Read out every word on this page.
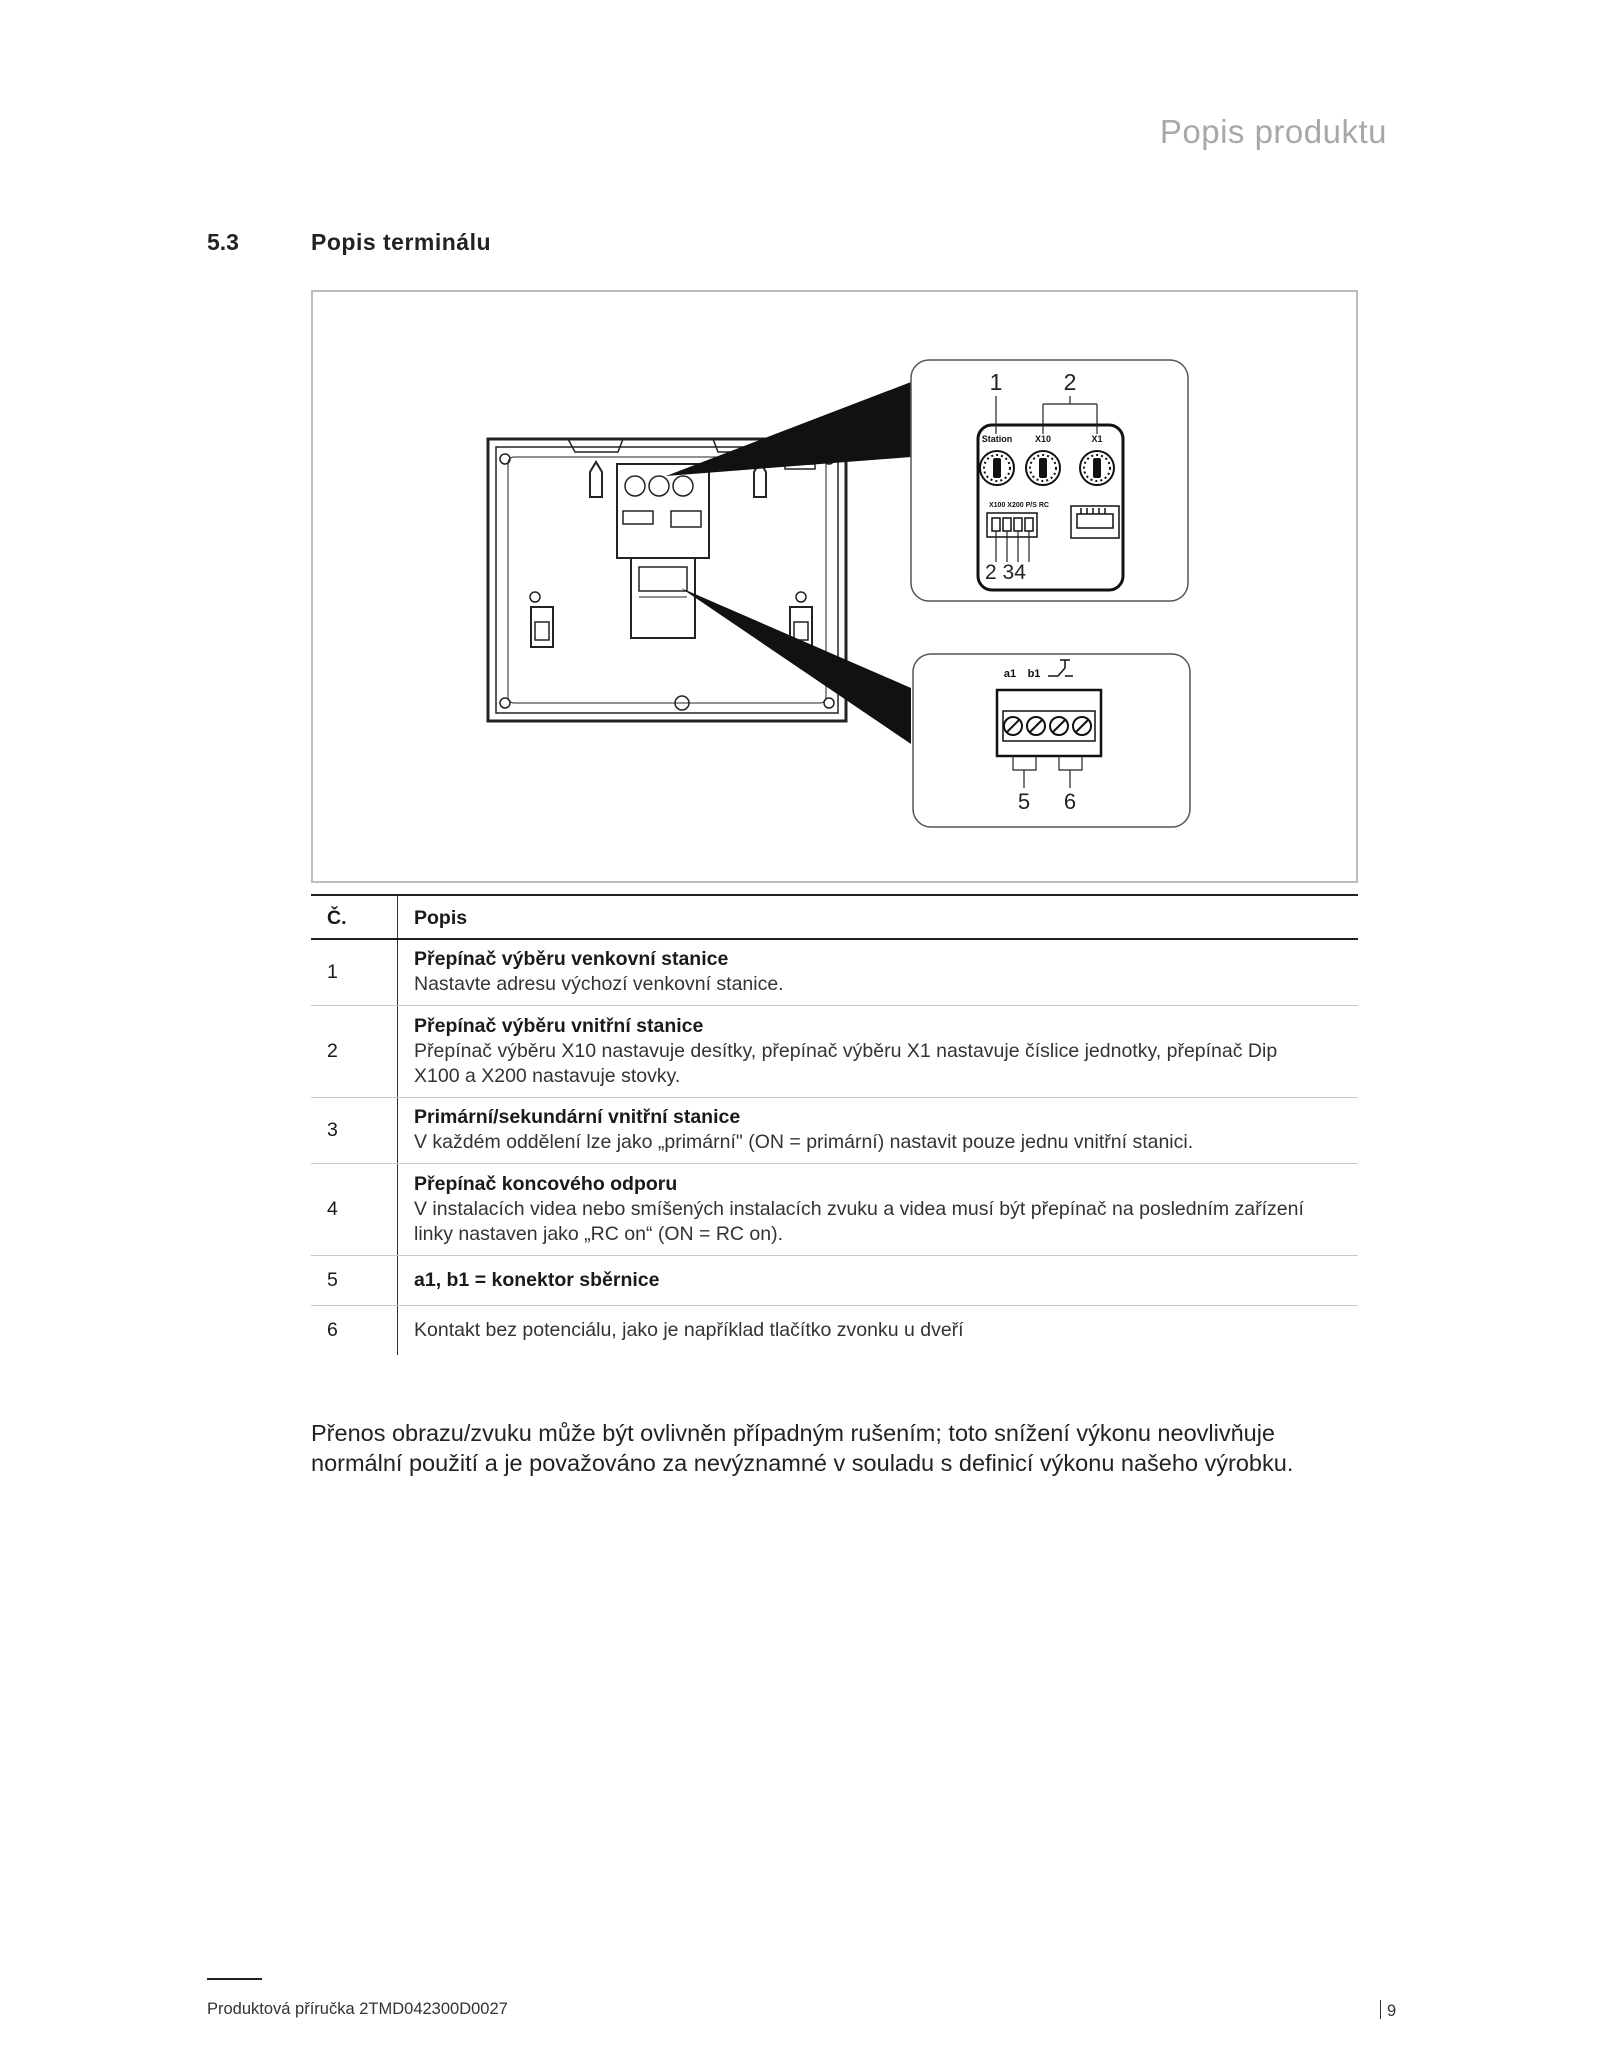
Popis produktu
5.3	Popis terminálu
1	2
Station	X10	X1
X100 X200 P/S RC
2 34
a1 b1
5 6
Č.	Popis
1	Přepínač výběru venkovní stanice
Nastavte adresu výchozí venkovní stanice.

2	Přepínač výběru vnitřní stanice
Přepínač výběru X10 nastavuje desítky, přepínač výběru X1 nastavuje číslice jednotky, přepínač Dip X100 a X200 nastavuje stovky.

3	Primární/sekundární vnitřní stanice
V každém oddělení lze jako „primární" (ON = primární) nastavit pouze jednu vnitřní stanici.

4	Přepínač koncového odporu
V instalacích videa nebo smíšených instalacích zvuku a videa musí být přepínač na posledním zařízení linky nastaven jako „RC on“ (ON = RC on).

5	a1, b1 = konektor sběrnice

6	Kontakt bez potenciálu, jako je například tlačítko zvonku u dveří
Přenos obrazu/zvuku může být ovlivněn případným rušením; toto snížení výkonu neovlivňuje normální použití a je považováno za nevýznamné v souladu s definicí výkonu našeho výrobku.
Produktová příručka 2TMD042300D0027	9
